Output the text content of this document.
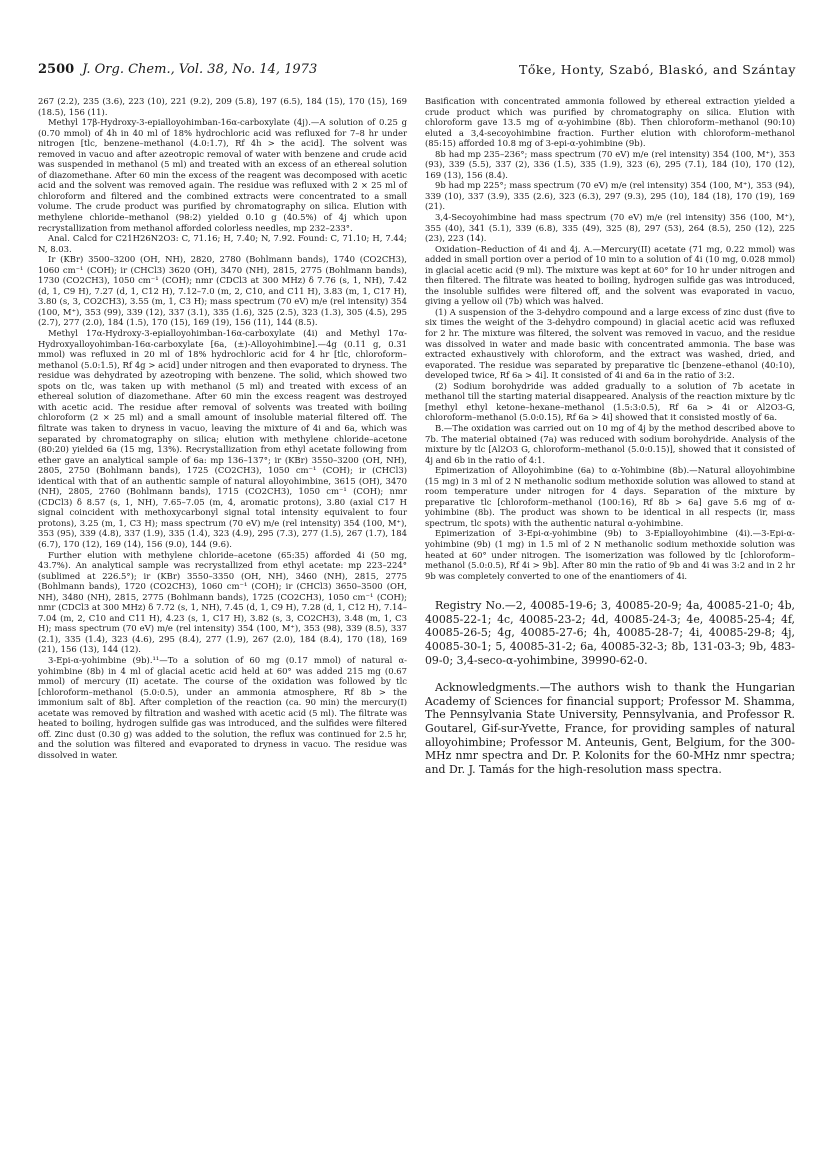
2500 J. Org. Chem., Vol. 38, No. 14, 1973	Tőke, Honty, Szabó, Blaskó, and Szántay

267 (2.2), 235 (3.6), 223 (10), 221 (9.2), 209 (5.8), 197 (6.5), 184 (15), 170 (15), 169 (18.5), 156 (11).

Methyl 17β-Hydroxy-3-epialloyohimban-16α-carboxylate (4j).—A solution of 0.25 g (0.70 mmol) of 4h in 40 ml of 18% hydrochloric acid was refluxed for 7–8 hr under nitrogen [tlc, benzene–methanol (4.0:1.7), Rf 4h > the acid]. The solvent was removed in vacuo and after azeotropic removal of water with benzene and crude acid was suspended in methanol (5 ml) and treated with an excess of an ethereal solution of diazomethane. After 60 min the excess of the reagent was decomposed with acetic acid and the solvent was removed again. The residue was refluxed with 2 × 25 ml of chloroform and filtered and the combined extracts were concentrated to a small volume. The crude product was purified by chromatography on silica. Elution with methylene chloride–methanol (98:2) yielded 0.10 g (40.5%) of 4j which upon recrystallization from methanol afforded colorless needles, mp 232–233°.

Anal. Calcd for C21H26N2O3: C, 71.16; H, 7.40; N, 7.92. Found: C, 71.10; H, 7.44; N, 8.03.

Ir (KBr) 3500–3200 (OH, NH), 2820, 2780 (Bohlmann bands), 1740 (CO2CH3), 1060 cm⁻¹ (COH); ir (CHCl3) 3620 (OH), 3470 (NH), 2815, 2775 (Bohlmann bands), 1730 (CO2CH3), 1050 cm⁻¹ (COH); nmr (CDCl3 at 300 MHz) δ 7.76 (s, 1, NH), 7.42 (d, 1, C9 H), 7.27 (d, 1, C12 H), 7.12–7.0 (m, 2, C10, and C11 H), 3.83 (m, 1, C17 H), 3.80 (s, 3, CO2CH3), 3.55 (m, 1, C3 H); mass spectrum (70 eV) m/e (rel intensity) 354 (100, M⁺), 353 (99), 339 (12), 337 (3.1), 335 (1.6), 325 (2.5), 323 (1.3), 305 (4.5), 295 (2.7), 277 (2.0), 184 (1.5), 170 (15), 169 (19), 156 (11), 144 (8.5).

Methyl 17α-Hydroxy-3-epialloyohimban-16α-carboxylate (4i) and Methyl 17α-Hydroxyalloyohimban-16α-carboxylate [6a, (±)-Alloyohimbine].—4g (0.11 g, 0.31 mmol) was refluxed in 20 ml of 18% hydrochloric acid for 4 hr [tlc, chloroform–methanol (5.0:1.5), Rf 4g > acid] under nitrogen and then evaporated to dryness. The residue was dehydrated by azeotroping with benzene. The solid, which showed two spots on tlc, was taken up with methanol (5 ml) and treated with excess of an ethereal solution of diazomethane. After 60 min the excess reagent was destroyed with acetic acid. The residue after removal of solvents was treated with boiling chloroform (2 × 25 ml) and a small amount of insoluble material filtered off. The filtrate was taken to dryness in vacuo, leaving the mixture of 4i and 6a, which was separated by chromatography on silica; elution with methylene chloride–acetone (80:20) yielded 6a (15 mg, 13%). Recrystallization from ethyl acetate following from ether gave an analytical sample of 6a: mp 136–137°; ir (KBr) 3550–3200 (OH, NH), 2805, 2750 (Bohlmann bands), 1725 (CO2CH3), 1050 cm⁻¹ (COH); ir (CHCl3) identical with that of an authentic sample of natural alloyohimbine, 3615 (OH), 3470 (NH), 2805, 2760 (Bohlmann bands), 1715 (CO2CH3), 1050 cm⁻¹ (COH); nmr (CDCl3) δ 8.57 (s, 1, NH), 7.65–7.05 (m, 4, aromatic protons), 3.80 (axial C17 H signal coincident with methoxycarbonyl signal total intensity equivalent to four protons), 3.25 (m, 1, C3 H); mass spectrum (70 eV) m/e (rel intensity) 354 (100, M⁺), 353 (95), 339 (4.8), 337 (1.9), 335 (1.4), 323 (4.9), 295 (7.3), 277 (1.5), 267 (1.7), 184 (6.7), 170 (12), 169 (14), 156 (9.0), 144 (9.6).

Further elution with methylene chloride–acetone (65:35) afforded 4i (50 mg, 43.7%). An analytical sample was recrystallized from ethyl acetate: mp 223–224° (sublimed at 226.5°); ir (KBr) 3550–3350 (OH, NH), 3460 (NH), 2815, 2775 (Bohlmann bands), 1720 (CO2CH3), 1060 cm⁻¹ (COH); ir (CHCl3) 3650–3500 (OH, NH), 3480 (NH), 2815, 2775 (Bohlmann bands), 1725 (CO2CH3), 1050 cm⁻¹ (COH); nmr (CDCl3 at 300 MHz) δ 7.72 (s, 1, NH), 7.45 (d, 1, C9 H), 7.28 (d, 1, C12 H), 7.14–7.04 (m, 2, C10 and C11 H), 4.23 (s, 1, C17 H), 3.82 (s, 3, CO2CH3), 3.48 (m, 1, C3 H); mass spectrum (70 eV) m/e (rel intensity) 354 (100, M⁺), 353 (98), 339 (8.5), 337 (2.1), 335 (1.4), 323 (4.6), 295 (8.4), 277 (1.9), 267 (2.0), 184 (8.4), 170 (18), 169 (21), 156 (13), 144 (12).

3-Epi-α-yohimbine (9b).¹¹—To a solution of 60 mg (0.17 mmol) of natural α-yohimbine (8b) in 4 ml of glacial acetic acid held at 60° was added 215 mg (0.67 mmol) of mercury (II) acetate. The course of the oxidation was followed by tlc [chloroform–methanol (5.0:0.5), under an ammonia atmosphere, Rf 8b > the immonium salt of 8b]. After completion of the reaction (ca. 90 min) the mercury(I) acetate was removed by filtration and washed with acetic acid (5 ml). The filtrate was heated to boiling, hydrogen sulfide gas was introduced, and the sulfides were filtered off. Zinc dust (0.30 g) was added to the solution, the reflux was continued for 2.5 hr, and the solution was filtered and evaporated to dryness in vacuo. The residue was dissolved in water.

Basification with concentrated ammonia followed by ethereal extraction yielded a crude product which was purified by chromatography on silica. Elution with chloroform gave 13.5 mg of α-yohimbine (8b). Then chloroform–methanol (90:10) eluted a 3,4-secoyohimbine fraction. Further elution with chloroform–methanol (85:15) afforded 10.8 mg of 3-epi-α-yohimbine (9b).

8b had mp 235–236°; mass spectrum (70 eV) m/e (rel intensity) 354 (100, M⁺), 353 (93), 339 (5.5), 337 (2), 336 (1.5), 335 (1.9), 323 (6), 295 (7.1), 184 (10), 170 (12), 169 (13), 156 (8.4).

9b had mp 225°; mass spectrum (70 eV) m/e (rel intensity) 354 (100, M⁺), 353 (94), 339 (10), 337 (3.9), 335 (2.6), 323 (6.3), 297 (9.3), 295 (10), 184 (18), 170 (19), 169 (21).

3,4-Secoyohimbine had mass spectrum (70 eV) m/e (rel intensity) 356 (100, M⁺), 355 (40), 341 (5.1), 339 (6.8), 335 (49), 325 (8), 297 (53), 264 (8.5), 250 (12), 225 (23), 223 (14).

Oxidation–Reduction of 4i and 4j. A.—Mercury(II) acetate (71 mg, 0.22 mmol) was added in small portion over a period of 10 min to a solution of 4i (10 mg, 0.028 mmol) in glacial acetic acid (9 ml). The mixture was kept at 60° for 10 hr under nitrogen and then filtered. The filtrate was heated to boiling, hydrogen sulfide gas was introduced, the insoluble sulfides were filtered off, and the solvent was evaporated in vacuo, giving a yellow oil (7b) which was halved.

(1) A suspension of the 3-dehydro compound and a large excess of zinc dust (five to six times the weight of the 3-dehydro compound) in glacial acetic acid was refluxed for 2 hr. The mixture was filtered, the solvent was removed in vacuo, and the residue was dissolved in water and made basic with concentrated ammonia. The base was extracted exhaustively with chloroform, and the extract was washed, dried, and evaporated. The residue was separated by preparative tlc [benzene–ethanol (40:10), developed twice, Rf 6a > 4i]. It consisted of 4i and 6a in the ratio of 3:2.

(2) Sodium borohydride was added gradually to a solution of 7b acetate in methanol till the starting material disappeared. Analysis of the reaction mixture by tlc [methyl ethyl ketone–hexane–methanol (1.5:3:0.5), Rf 6a > 4i or Al2O3-G, chloroform–methanol (5.0:0.15), Rf 6a > 4i] showed that it consisted mostly of 6a.

B.—The oxidation was carried out on 10 mg of 4j by the method described above to 7b. The material obtained (7a) was reduced with sodium borohydride. Analysis of the mixture by tlc [Al2O3 G, chloroform–methanol (5.0:0.15)], showed that it consisted of 4j and 6b in the ratio of 4:1.

Epimerization of Alloyohimbine (6a) to α-Yohimbine (8b).—Natural alloyohimbine (15 mg) in 3 ml of 2 N methanolic sodium methoxide solution was allowed to stand at room temperature under nitrogen for 4 days. Separation of the mixture by preparative tlc [chloroform–methanol (100:16), Rf 8b > 6a] gave 5.6 mg of α-yohimbine (8b). The product was shown to be identical in all respects (ir, mass spectrum, tlc spots) with the authentic natural α-yohimbine.

Epimerization of 3-Epi-α-yohimbine (9b) to 3-Epialloyohimbine (4i).—3-Epi-α-yohimbine (9b) (1 mg) in 1.5 ml of 2 N methanolic sodium methoxide solution was heated at 60° under nitrogen. The isomerization was followed by tlc [chloroform–methanol (5.0:0.5), Rf 4i > 9b]. After 80 min the ratio of 9b and 4i was 3:2 and in 2 hr 9b was completely converted to one of the enantiomers of 4i.

Registry No.—2, 40085-19-6; 3, 40085-20-9; 4a, 40085-21-0; 4b, 40085-22-1; 4c, 40085-23-2; 4d, 40085-24-3; 4e, 40085-25-4; 4f, 40085-26-5; 4g, 40085-27-6; 4h, 40085-28-7; 4i, 40085-29-8; 4j, 40085-30-1; 5, 40085-31-2; 6a, 40085-32-3; 8b, 131-03-3; 9b, 483-09-0; 3,4-seco-α-yohimbine, 39990-62-0.

Acknowledgments.—The authors wish to thank the Hungarian Academy of Sciences for financial support; Professor M. Shamma, The Pennsylvania State University, Pennsylvania, and Professor R. Goutarel, Gif-sur-Yvette, France, for providing samples of natural alloyohimbine; Professor M. Anteunis, Gent, Belgium, for the 300-MHz nmr spectra and Dr. P. Kolonits for the 60-MHz nmr spectra; and Dr. J. Tamás for the high-resolution mass spectra.
